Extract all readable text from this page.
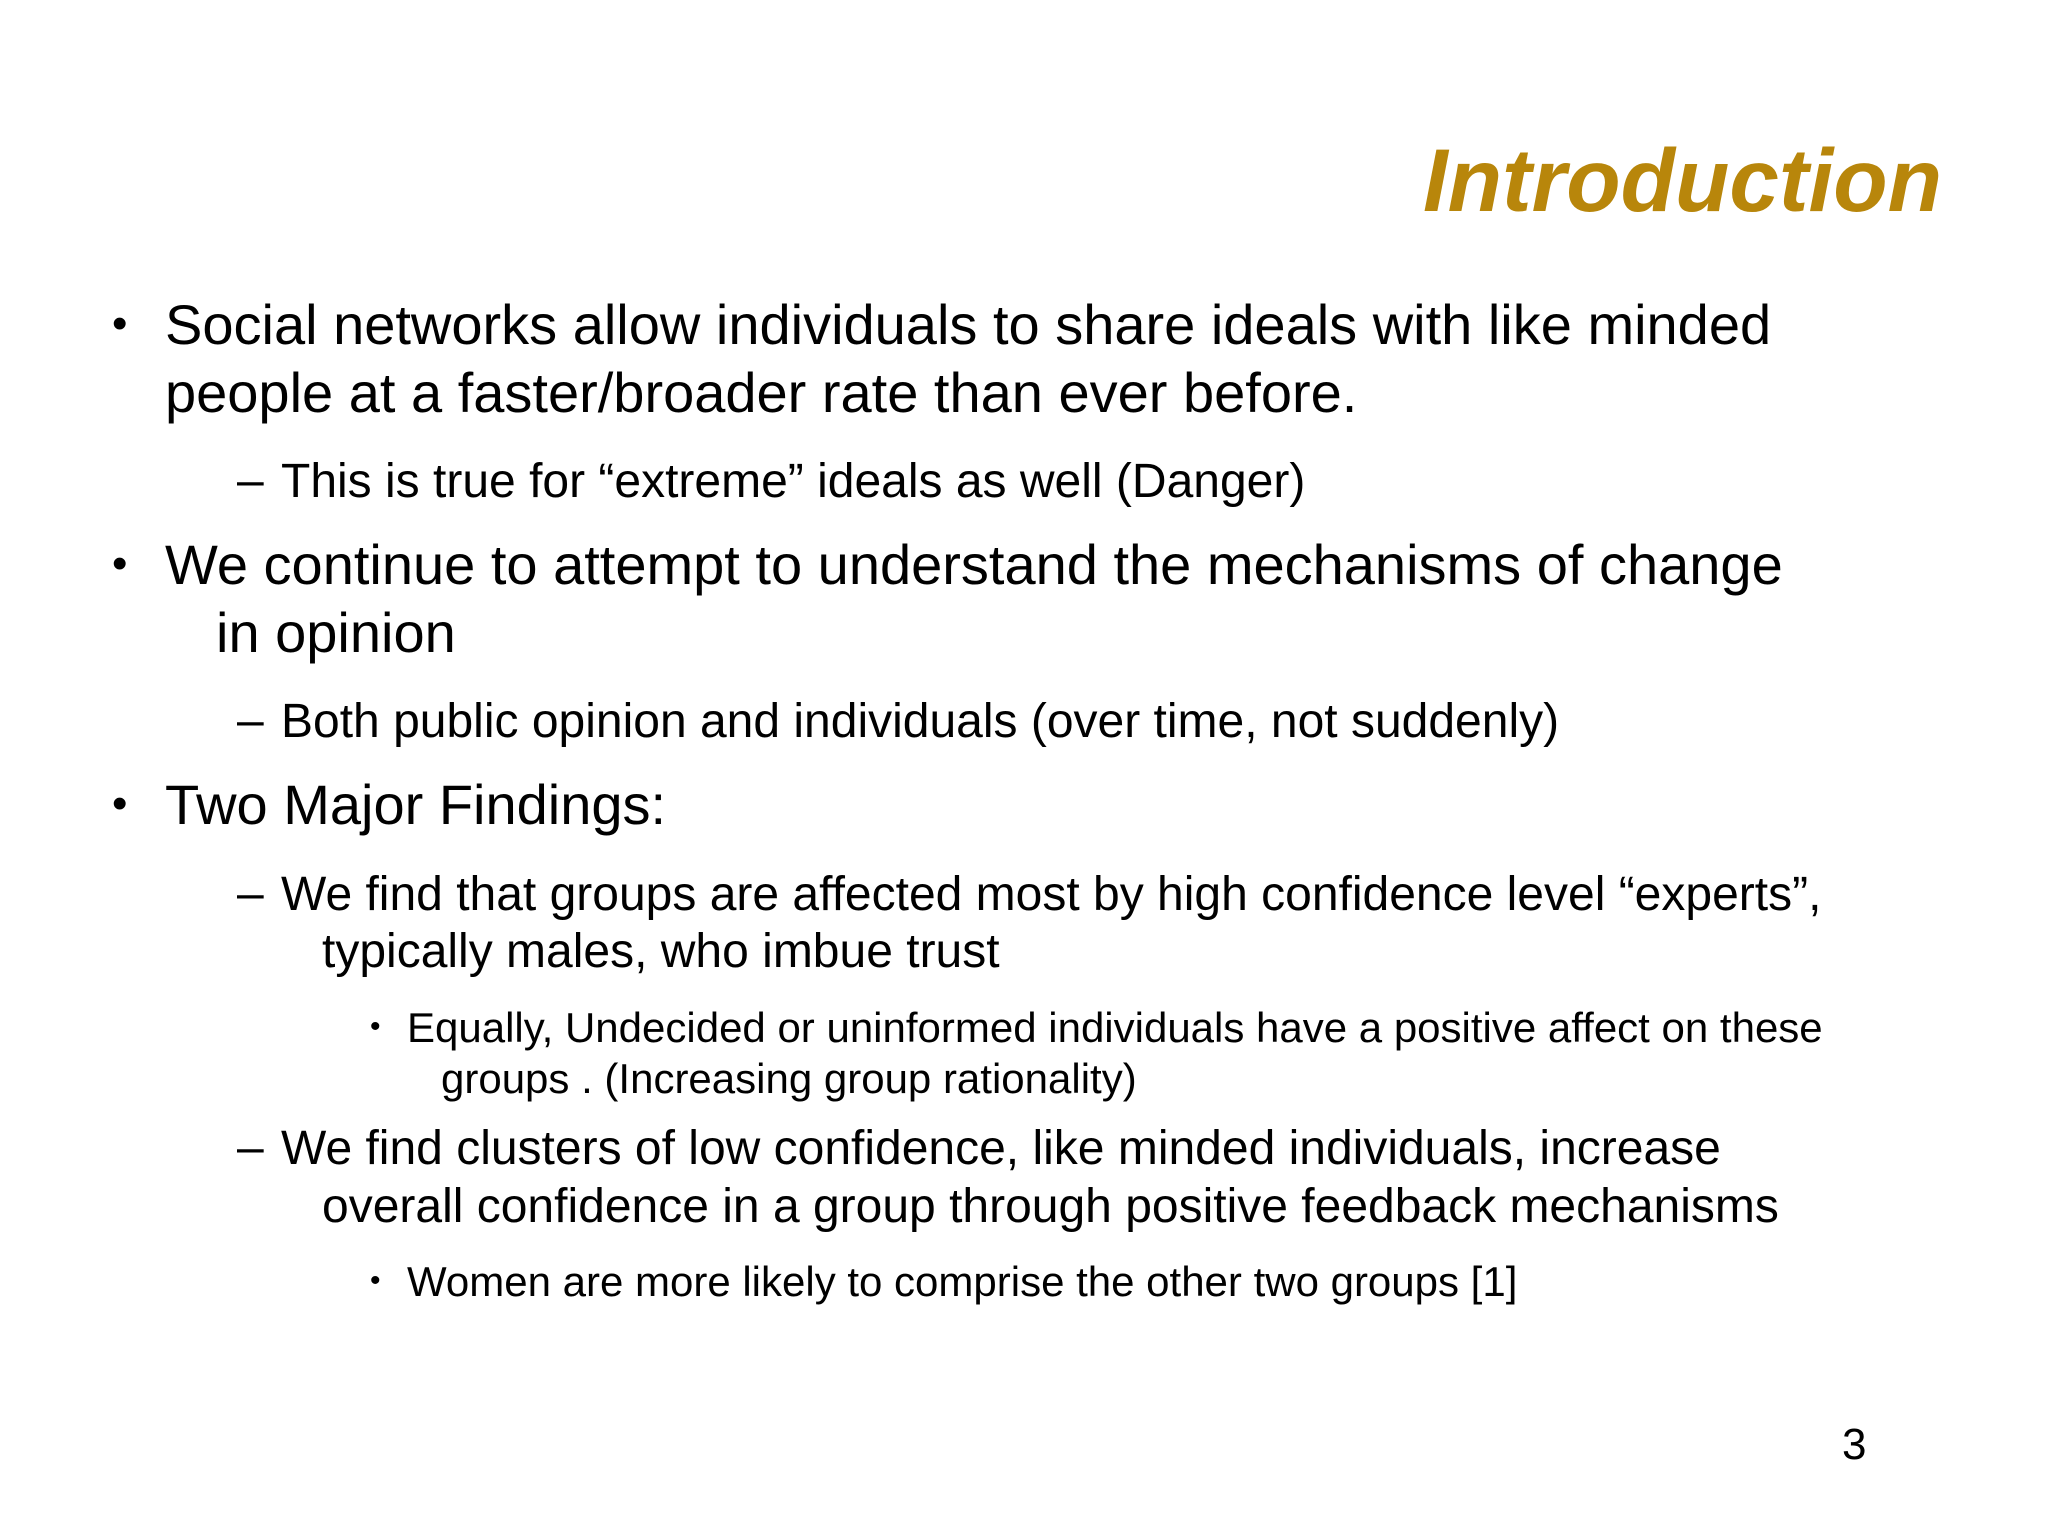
Introduction
• Social networks allow individuals to share ideals with like minded
people at a faster/broader rate than ever before.
– This is true for “extreme” ideals as well (Danger)
• We continue to attempt to understand the mechanisms of change
in opinion
– Both public opinion and individuals (over time, not suddenly)
• Two Major Findings:
– We find that groups are affected most by high confidence level “experts”,
typically males, who imbue trust
• Equally, Undecided or uninformed individuals have a positive affect on these
groups . (Increasing group rationality)
– We find clusters of low confidence, like minded individuals, increase
overall confidence in a group through positive feedback mechanisms
• Women are more likely to comprise the other two groups [1]
3
